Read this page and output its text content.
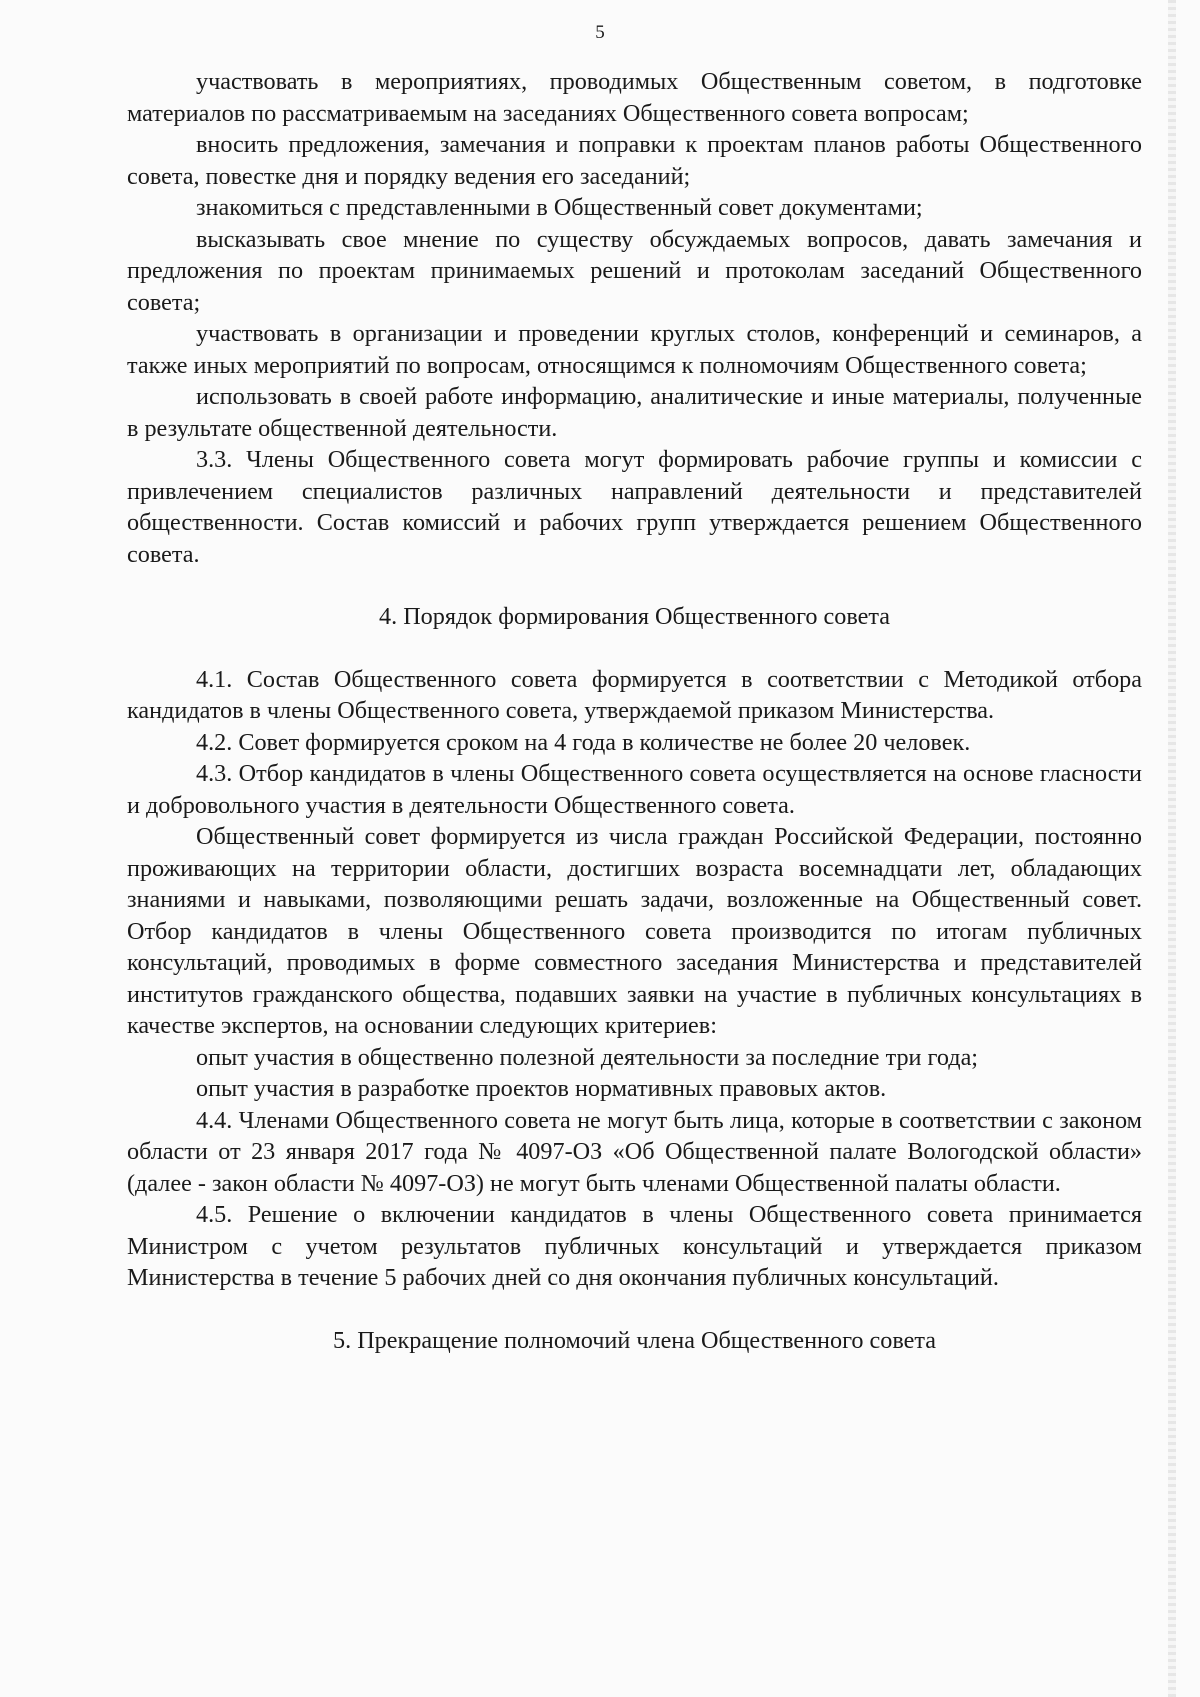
5

участвовать в мероприятиях, проводимых Общественным советом, в подготовке материалов по рассматриваемым на заседаниях Общественного совета вопросам;

вносить предложения, замечания и поправки к проектам планов работы Общественного совета, повестке дня и порядку ведения его заседаний;

знакомиться с представленными в Общественный совет документами;

высказывать свое мнение по существу обсуждаемых вопросов, давать замечания и предложения по проектам принимаемых решений и протоколам заседаний Общественного совета;

участвовать в организации и проведении круглых столов, конференций и семинаров, а также иных мероприятий по вопросам, относящимся к полномочиям Общественного совета;

использовать в своей работе информацию, аналитические и иные материалы, полученные в результате общественной деятельности.

3.3. Члены Общественного совета могут формировать рабочие группы и комиссии с привлечением специалистов различных направлений деятельности и представителей общественности. Состав комиссий и рабочих групп утверждается решением Общественного совета.

4. Порядок формирования Общественного совета

4.1. Состав Общественного совета формируется в соответствии с Методикой отбора кандидатов в члены Общественного совета, утверждаемой приказом Министерства.

4.2. Совет формируется сроком на 4 года в количестве не более 20 человек.

4.3. Отбор кандидатов в члены Общественного совета осуществляется на основе гласности и добровольного участия в деятельности Общественного совета.

Общественный совет формируется из числа граждан Российской Федерации, постоянно проживающих на территории области, достигших возраста восемнадцати лет, обладающих знаниями и навыками, позволяющими решать задачи, возложенные на Общественный совет. Отбор кандидатов в члены Общественного совета производится по итогам публичных консультаций, проводимых в форме совместного заседания Министерства и представителей институтов гражданского общества, подавших заявки на участие в публичных консультациях в качестве экспертов, на основании следующих критериев:

опыт участия в общественно полезной деятельности за последние три года;

опыт участия в разработке проектов нормативных правовых актов.

4.4. Членами Общественного совета не могут быть лица, которые в соответствии с законом области от 23 января 2017 года № 4097-ОЗ «Об Общественной палате Вологодской области» (далее - закон области № 4097-ОЗ) не могут быть членами Общественной палаты области.

4.5. Решение о включении кандидатов в члены Общественного совета принимается Министром с учетом результатов публичных консультаций и утверждается приказом Министерства в течение 5 рабочих дней со дня окончания публичных консультаций.

5. Прекращение полномочий члена Общественного совета
